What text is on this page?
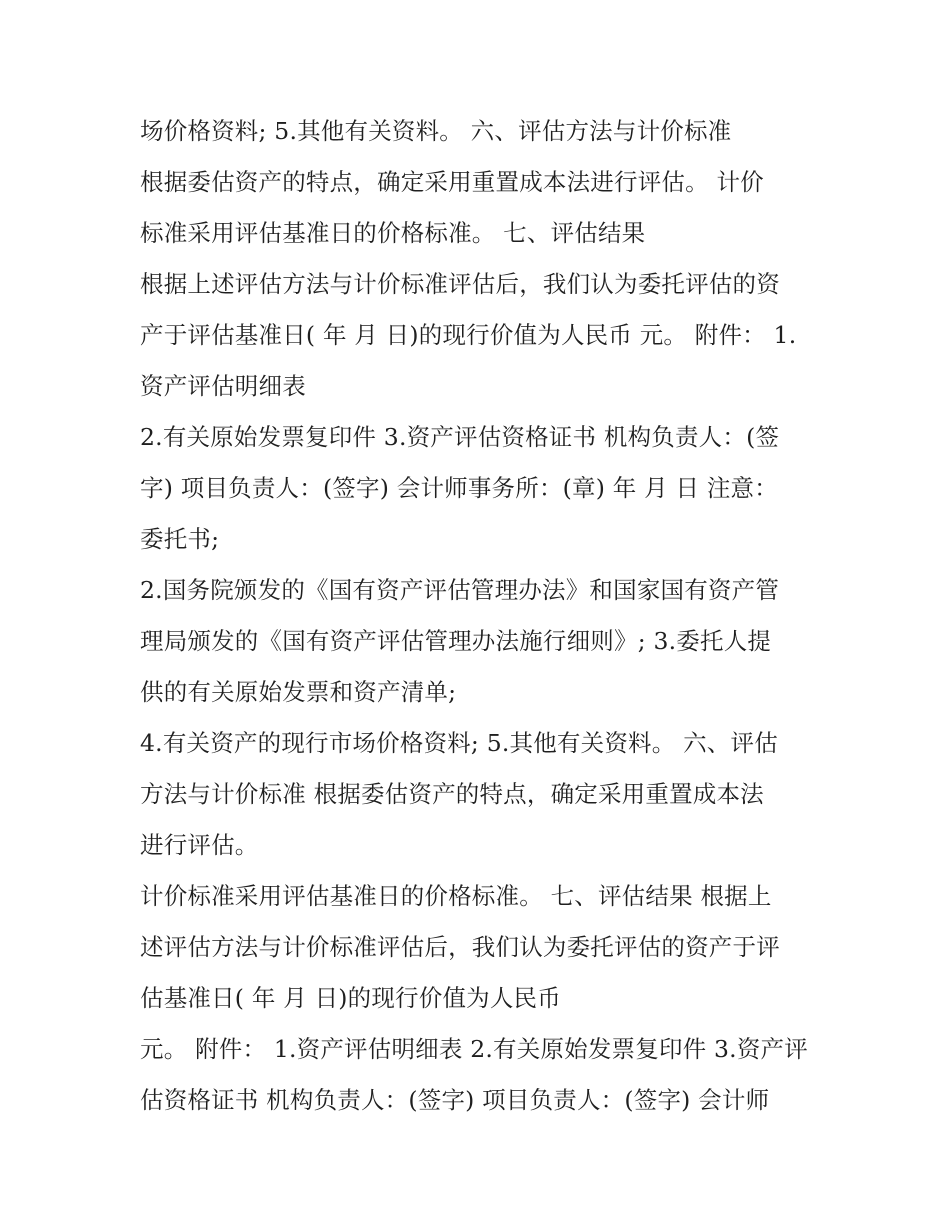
场价格资料; 5.其他有关资料。 六、评估方法与计价标准
根据委估资产的特点，确定采用重置成本法进行评估。 计价
标准采用评估基准日的价格标准。 七、评估结果
根据上述评估方法与计价标准评估后，我们认为委托评估的资
产于评估基准日( 年 月 日)的现行价值为人民币 元。 附件： 1.
资产评估明细表
2.有关原始发票复印件 3.资产评估资格证书 机构负责人：(签
字) 项目负责人：(签字) 会计师事务所：(章) 年 月 日 注意：
委托书;
2.国务院颁发的《国有资产评估管理办法》和国家国有资产管
理局颁发的《国有资产评估管理办法施行细则》; 3.委托人提
供的有关原始发票和资产清单;
4.有关资产的现行市场价格资料; 5.其他有关资料。 六、评估
方法与计价标准 根据委估资产的特点，确定采用重置成本法
进行评估。
计价标准采用评估基准日的价格标准。 七、评估结果 根据上
述评估方法与计价标准评估后，我们认为委托评估的资产于评
估基准日( 年 月 日)的现行价值为人民币
元。 附件： 1.资产评估明细表 2.有关原始发票复印件 3.资产评
估资格证书 机构负责人：(签字) 项目负责人：(签字) 会计师
